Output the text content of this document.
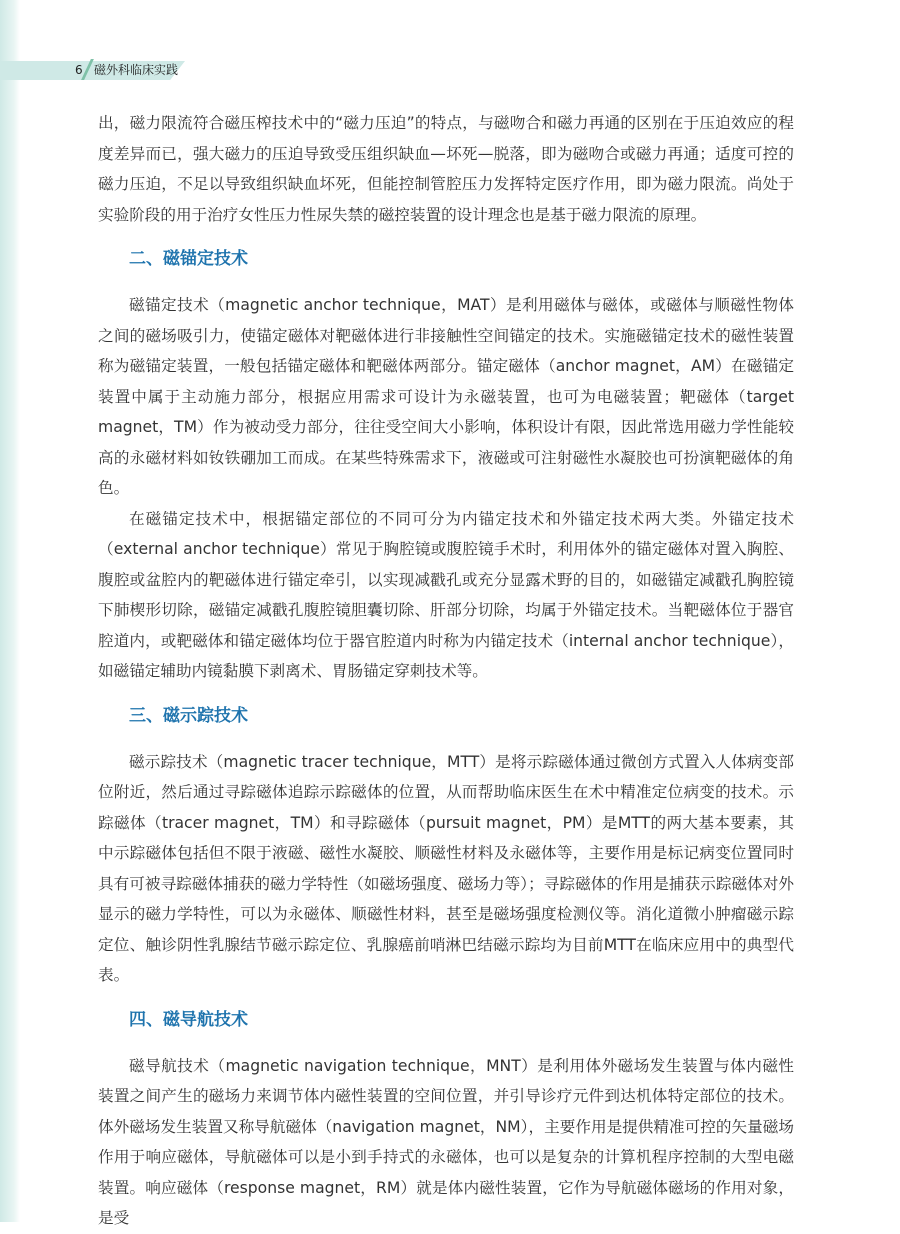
6 磁外科临床实践

出，磁力限流符合磁压榨技术中的“磁力压迫”的特点，与磁吻合和磁力再通的区别在于压迫效应的程度差异而已，强大磁力的压迫导致受压组织缺血—坏死—脱落，即为磁吻合或磁力再通；适度可控的磁力压迫，不足以导致组织缺血坏死，但能控制管腔压力发挥特定医疗作用，即为磁力限流。尚处于实验阶段的用于治疗女性压力性尿失禁的磁控装置的设计理念也是基于磁力限流的原理。

二、磁锚定技术

磁锚定技术（magnetic anchor technique，MAT）是利用磁体与磁体，或磁体与顺磁性物体之间的磁场吸引力，使锚定磁体对靶磁体进行非接触性空间锚定的技术。实施磁锚定技术的磁性装置称为磁锚定装置，一般包括锚定磁体和靶磁体两部分。锚定磁体（anchor magnet，AM）在磁锚定装置中属于主动施力部分，根据应用需求可设计为永磁装置，也可为电磁装置；靶磁体（target magnet，TM）作为被动受力部分，往往受空间大小影响，体积设计有限，因此常选用磁力学性能较高的永磁材料如钕铁硼加工而成。在某些特殊需求下，液磁或可注射磁性水凝胶也可扮演靶磁体的角色。

在磁锚定技术中，根据锚定部位的不同可分为内锚定技术和外锚定技术两大类。外锚定技术（external anchor technique）常见于胸腔镜或腹腔镜手术时，利用体外的锚定磁体对置入胸腔、腹腔或盆腔内的靶磁体进行锚定牵引，以实现减戳孔或充分显露术野的目的，如磁锚定减戳孔胸腔镜下肺楔形切除，磁锚定减戳孔腹腔镜胆囊切除、肝部分切除，均属于外锚定技术。当靶磁体位于器官腔道内，或靶磁体和锚定磁体均位于器官腔道内时称为内锚定技术（internal anchor technique），如磁锚定辅助内镜黏膜下剥离术、胃肠锚定穿刺技术等。

三、磁示踪技术

磁示踪技术（magnetic tracer technique，MTT）是将示踪磁体通过微创方式置入人体病变部位附近，然后通过寻踪磁体追踪示踪磁体的位置，从而帮助临床医生在术中精准定位病变的技术。示踪磁体（tracer magnet，TM）和寻踪磁体（pursuit magnet，PM）是MTT的两大基本要素，其中示踪磁体包括但不限于液磁、磁性水凝胶、顺磁性材料及永磁体等，主要作用是标记病变位置同时具有可被寻踪磁体捕获的磁力学特性（如磁场强度、磁场力等）；寻踪磁体的作用是捕获示踪磁体对外显示的磁力学特性，可以为永磁体、顺磁性材料，甚至是磁场强度检测仪等。消化道微小肿瘤磁示踪定位、触诊阴性乳腺结节磁示踪定位、乳腺癌前哨淋巴结磁示踪均为目前MTT在临床应用中的典型代表。

四、磁导航技术

磁导航技术（magnetic navigation technique，MNT）是利用体外磁场发生装置与体内磁性装置之间产生的磁场力来调节体内磁性装置的空间位置，并引导诊疗元件到达机体特定部位的技术。体外磁场发生装置又称导航磁体（navigation magnet，NM），主要作用是提供精准可控的矢量磁场作用于响应磁体，导航磁体可以是小到手持式的永磁体，也可以是复杂的计算机程序控制的大型电磁装置。响应磁体（response magnet，RM）就是体内磁性装置，它作为导航磁体磁场的作用对象，是受
